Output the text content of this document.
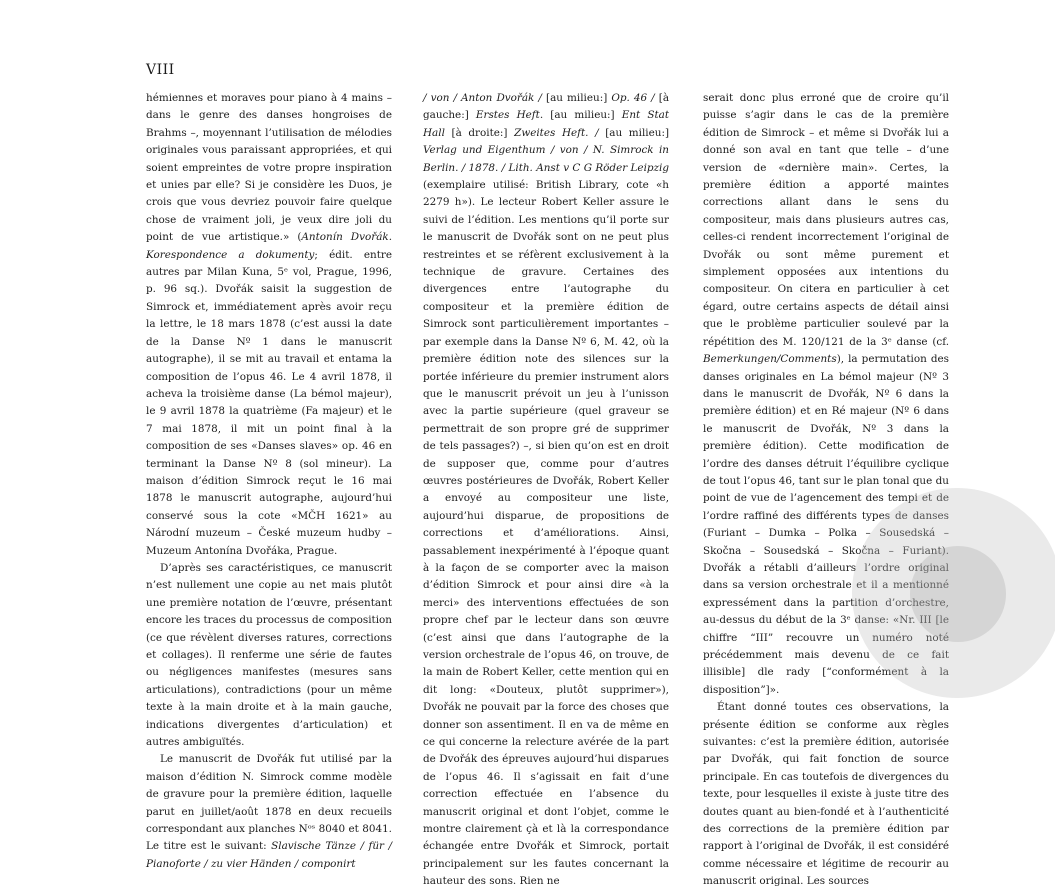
VIII

hémiennes et moraves pour piano à 4 mains – dans le genre des danses hongroises de Brahms –, moyennant l’utilisation de mélodies originales vous paraissant appropriées, et qui soient empreintes de votre propre inspiration et unies par elle? Si je considère les Duos, je crois que vous devriez pouvoir faire quelque chose de vraiment joli, je veux dire joli du point de vue artistique.» (Antonín Dvořák. Korespondence a dokumenty; édit. entre autres par Milan Kuna, 5ᵉ vol, Prague, 1996, p. 96 sq.). Dvořák saisit la suggestion de Simrock et, immédiatement après avoir reçu la lettre, le 18 mars 1878 (c’est aussi la date de la Danse Nº 1 dans le manuscrit autographe), il se mit au travail et entama la composition de l’opus 46. Le 4 avril 1878, il acheva la troisième danse (La bémol majeur), le 9 avril 1878 la quatrième (Fa majeur) et le 7 mai 1878, il mit un point final à la composition de ses «Danses slaves» op. 46 en terminant la Danse Nº 8 (sol mineur). La maison d’édition Simrock reçut le 16 mai 1878 le manuscrit autographe, aujourd’hui conservé sous la cote «MČH 1621» au Národní muzeum – České muzeum hudby – Muzeum Antonína Dvořáka, Prague.

D’après ses caractéristiques, ce manuscrit n’est nullement une copie au net mais plutôt une première notation de l’œuvre, présentant encore les traces du processus de composition (ce que révèlent diverses ratures, corrections et collages). Il renferme une série de fautes ou négligences manifestes (mesures sans articulations), contradictions (pour un même texte à la main droite et à la main gauche, indications divergentes d’articulation) et autres ambiguïtés.

Le manuscrit de Dvořák fut utilisé par la maison d’édition N. Simrock comme modèle de gravure pour la première édition, laquelle parut en juillet/août 1878 en deux recueils correspondant aux planches Nᵒˢ 8040 et 8041. Le titre est le suivant: Slavische Tänze / für / Pianoforte / zu vier Händen / componirt

/ von / Anton Dvořák / [au milieu:] Op. 46 / [à gauche:] Erstes Heft. [au milieu:] Ent Stat Hall [à droite:] Zweites Heft. / [au milieu:] Verlag und Eigenthum / von / N. Simrock in Berlin. / 1878. / Lith. Anst v C G Röder Leipzig (exemplaire utilisé: British Library, cote «h 2279 h»). Le lecteur Robert Keller assure le suivi de l’édition. Les mentions qu’il porte sur le manuscrit de Dvořák sont on ne peut plus restreintes et se réfèrent exclusivement à la technique de gravure. Certaines des divergences entre l’autographe du compositeur et la première édition de Simrock sont particulièrement importantes – par exemple dans la Danse Nº 6, M. 42, où la première édition note des silences sur la portée inférieure du premier instrument alors que le manuscrit prévoit un jeu à l’unisson avec la partie supérieure (quel graveur se permettrait de son propre gré de supprimer de tels passages?) –, si bien qu’on est en droit de supposer que, comme pour d’autres œuvres postérieures de Dvořák, Robert Keller a envoyé au compositeur une liste, aujourd’hui disparue, de propositions de corrections et d’améliorations. Ainsi, passablement inexpérimenté à l’époque quant à la façon de se comporter avec la maison d’édition Simrock et pour ainsi dire «à la merci» des interventions effectuées de son propre chef par le lecteur dans son œuvre (c’est ainsi que dans l’autographe de la version orchestrale de l’opus 46, on trouve, de la main de Robert Keller, cette mention qui en dit long: «Douteux, plutôt supprimer»), Dvořák ne pouvait par la force des choses que donner son assentiment. Il en va de même en ce qui concerne la relecture avérée de la part de Dvořák des épreuves aujourd’hui disparues de l’opus 46. Il s’agissait en fait d’une correction effectuée en l’absence du manuscrit original et dont l’objet, comme le montre clairement çà et là la correspondance échangée entre Dvořák et Simrock, portait principalement sur les fautes concernant la hauteur des sons. Rien ne

serait donc plus erroné que de croire qu’il puisse s’agir dans le cas de la première édition de Simrock – et même si Dvořák lui a donné son aval en tant que telle – d’une version de «dernière main». Certes, la première édition a apporté maintes corrections allant dans le sens du compositeur, mais dans plusieurs autres cas, celles-ci rendent incorrectement l’original de Dvořák ou sont même purement et simplement opposées aux intentions du compositeur. On citera en particulier à cet égard, outre certains aspects de détail ainsi que le problème particulier soulevé par la répétition des M. 120/121 de la 3ᵉ danse (cf. Bemerkungen/Comments), la permutation des danses originales en La bémol majeur (Nº 3 dans le manuscrit de Dvořák, Nº 6 dans la première édition) et en Ré majeur (Nº 6 dans le manuscrit de Dvořák, Nº 3 dans la première édition). Cette modification de l’ordre des danses détruit l’équilibre cyclique de tout l’opus 46, tant sur le plan tonal que du point de vue de l’agencement des tempi et de l’ordre raffiné des différents types de danses (Furiant – Dumka – Polka – Sousedská – Skočna – Sousedská – Skočna – Furiant). Dvořák a rétabli d’ailleurs l’ordre original dans sa version orchestrale et il a mentionné expressément dans la partition d’orchestre, au-dessus du début de la 3ᵉ danse: «Nr. III [le chiffre “III” recouvre un numéro noté précédemment mais devenu de ce fait illisible] dle rady [“conformément à la disposition”]».

Étant donné toutes ces observations, la présente édition se conforme aux règles suivantes: c’est la première édition, autorisée par Dvořák, qui fait fonction de source principale. En cas toutefois de divergences du texte, pour lesquelles il existe à juste titre des doutes quant au bien-fondé et à l’authenticité des corrections de la première édition par rapport à l’original de Dvořák, il est considéré comme nécessaire et légitime de recourir au manuscrit original. Les sources
